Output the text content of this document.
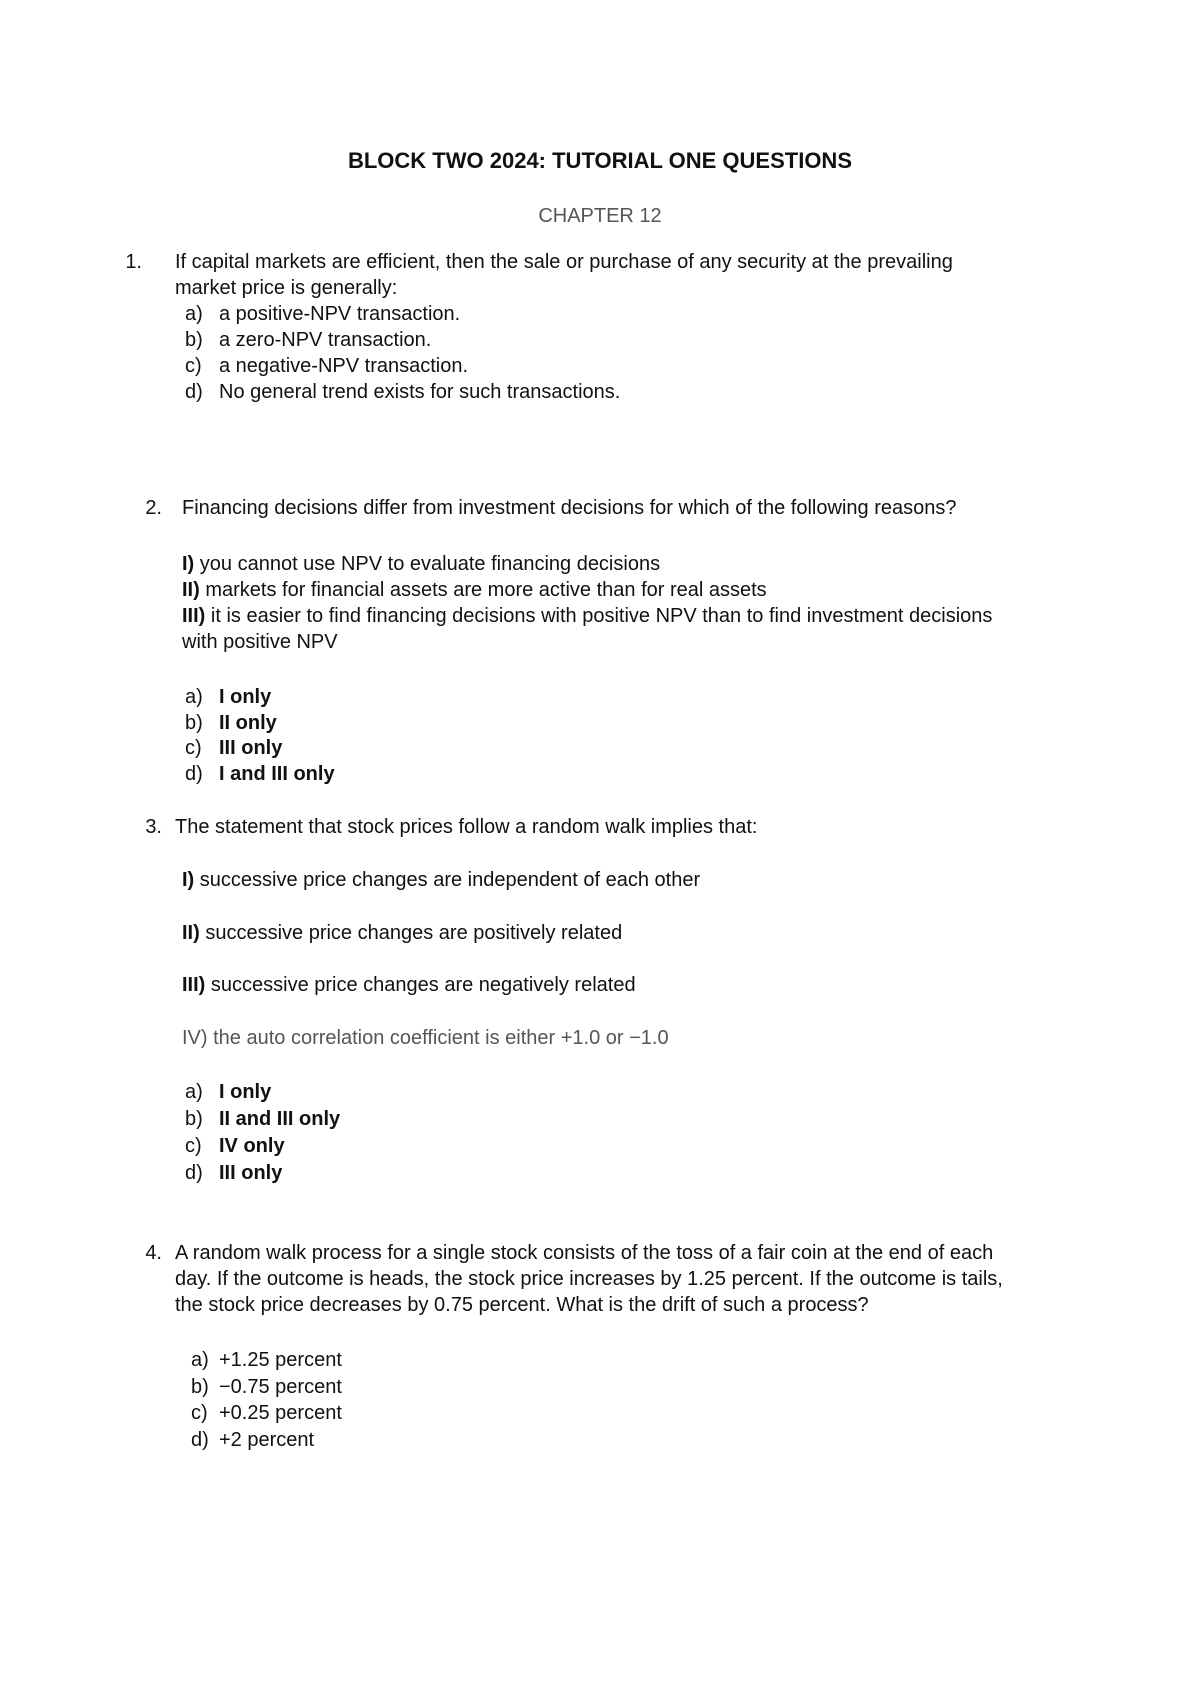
BLOCK TWO 2024: TUTORIAL ONE QUESTIONS
CHAPTER 12
1. If capital markets are efficient, then the sale or purchase of any security at the prevailing
market price is generally:
a) a positive-NPV transaction.
b) a zero-NPV transaction.
c) a negative-NPV transaction.
d) No general trend exists for such transactions.
2. Financing decisions differ from investment decisions for which of the following reasons?
I) you cannot use NPV to evaluate financing decisions
II) markets for financial assets are more active than for real assets
III) it is easier to find financing decisions with positive NPV than to find investment decisions
with positive NPV
a) I only
b) II only
c) III only
d) I and III only
3. The statement that stock prices follow a random walk implies that:
I) successive price changes are independent of each other
II) successive price changes are positively related
III) successive price changes are negatively related
IV) the auto correlation coefficient is either +1.0 or −1.0
a) I only
b) II and III only
c) IV only
d) III only
4. A random walk process for a single stock consists of the toss of a fair coin at the end of each
day. If the outcome is heads, the stock price increases by 1.25 percent. If the outcome is tails,
the stock price decreases by 0.75 percent. What is the drift of such a process?
a) +1.25 percent
b) −0.75 percent
c) +0.25 percent
d) +2 percent
